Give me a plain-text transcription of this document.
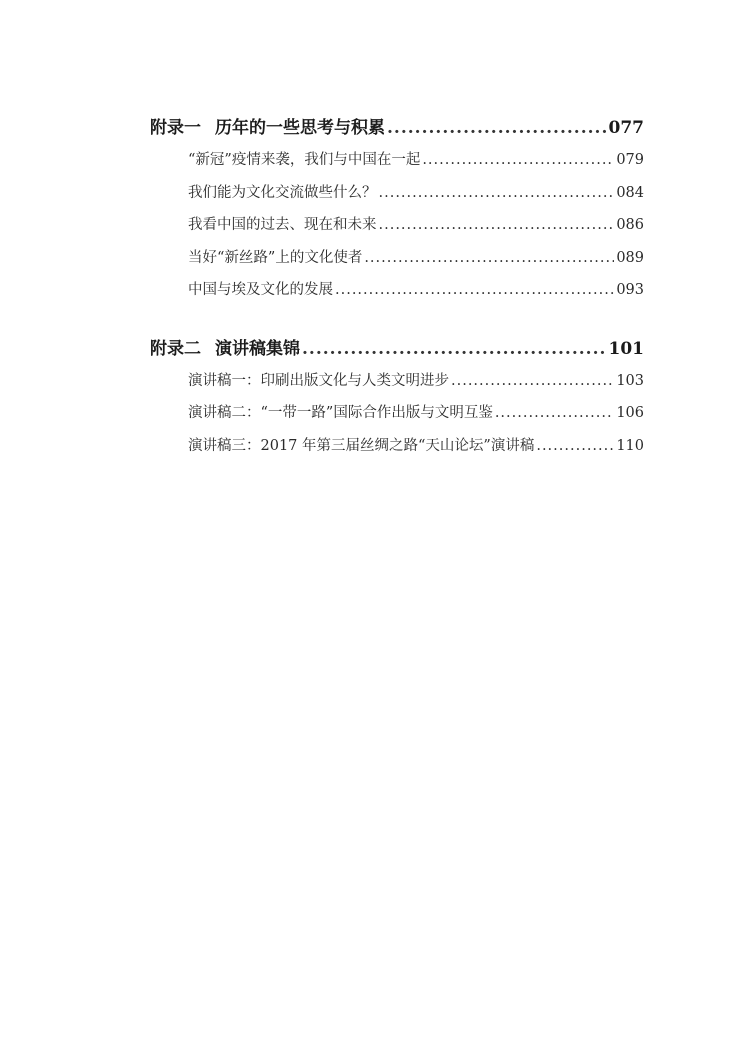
附录一 历年的一些思考与积累 .....	077
“新冠”疫情来袭，我们与中国在一起 .....	079
我们能为文化交流做些什么？ .....	084
我看中国的过去、现在和未来 .....	086
当好“新丝路”上的文化使者 .....	089
中国与埃及文化的发展 .....	093
附录二 演讲稿集锦 .....	101
演讲稿一：印刷出版文化与人类文明进步 .....	103
演讲稿二：“一带一路”国际合作出版与文明互鉴 .....	106
演讲稿三：2017 年第三届丝绸之路“天山论坛”演讲稿 .....	110
